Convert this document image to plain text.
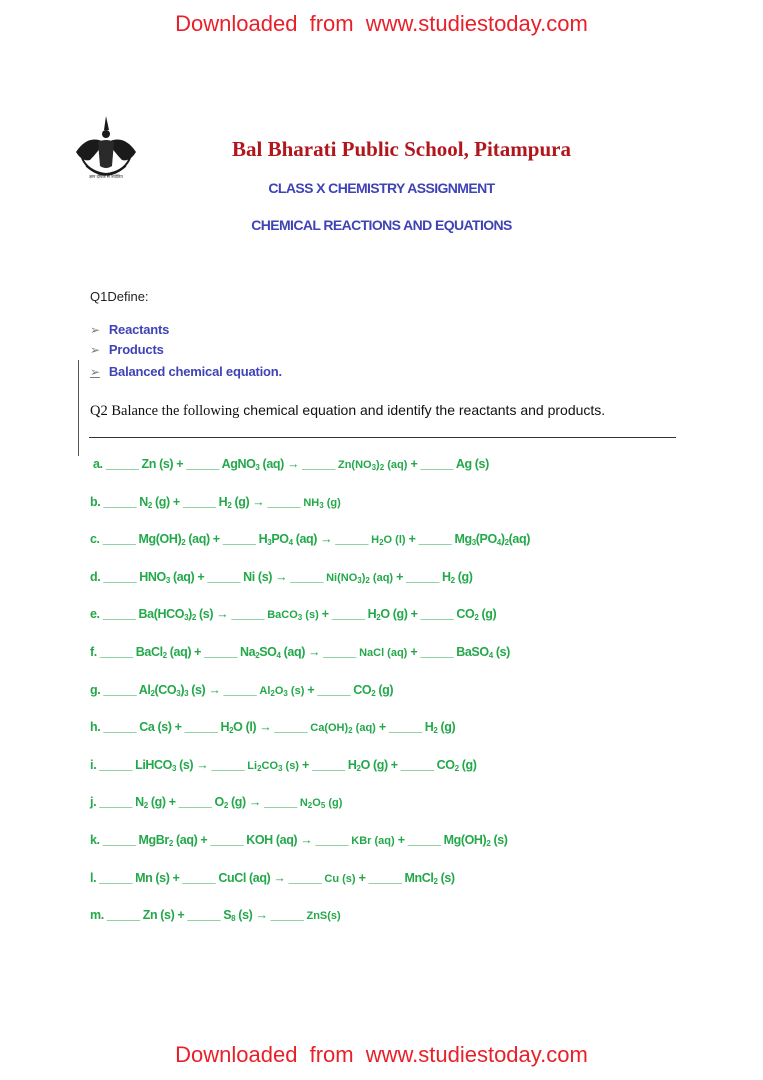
Downloaded from www.studiestoday.com
ज्ञान दीपक से ज्योतित
Bal Bharati Public School, Pitampura
CLASS X CHEMISTRY ASSIGNMENT
CHEMICAL REACTIONS AND EQUATIONS
Q1Define:
➢ Reactants
➢ Products
➢ Balanced chemical equation.
Q2 Balance the following chemical equation and identify the reactants and products.
a. _____ Zn (s) + _____ AgNO$_3$ (aq) → _____ $Zn(NO_3)_2$ (aq) + _____ Ag (s)
b. _____ $N_2$ (g) + _____ $H_2$ (g) → _____ $NH_3$ (g)
c. _____ $Mg(OH)_2$ (aq) + _____ $H_3PO_4$ (aq) → _____ $H_2O$ (l) + _____ $Mg_3(PO_4)_2(aq)$
d. _____ $HNO_3$ (aq) + _____ Ni (s) → _____ $Ni(NO_3)_2$ (aq) + _____ $H_2$ (g)
e. _____ $Ba(HCO_3)_2$ (s) → _____ BaCO$_3$ (s) + _____ $H_2O$ (g) + _____ $CO_2$ (g)
f. _____ BaCl$_2$ (aq) + _____ $Na_2SO_4$ (aq) → _____ NaCl (aq) + _____ BaSO$_4$ (s)
g. _____ $Al_2(CO_3)_3$ (s) → _____ $Al_2O_3$ (s) + _____ $CO_2$ (g)
h. _____ Ca (s) + _____ $H_2O$ (l) → _____ $Ca(OH)_2$ (aq) + _____ $H_2$ (g)
i. _____ LiHCO$_3$ (s) → _____ $Li_2CO_3$ (s) + _____ $H_2O$ (g) + _____ $CO_2$ (g)
j. _____ $N_2$ (g) + _____ $O_2$ (g) → _____ $N_2O_5$ (g)
k. _____ MgBr$_2$ (aq) + _____ KOH (aq) → _____ KBr (aq) + _____ $Mg(OH)_2$ (s)
l. _____ Mn (s) + _____ CuCl (aq) → _____ Cu (s) + _____ MnCl$_2$ (s)
m. _____ Zn (s) + _____ $S_8$ (s) → _____ ZnS(s)
Downloaded from www.studiestoday.com
